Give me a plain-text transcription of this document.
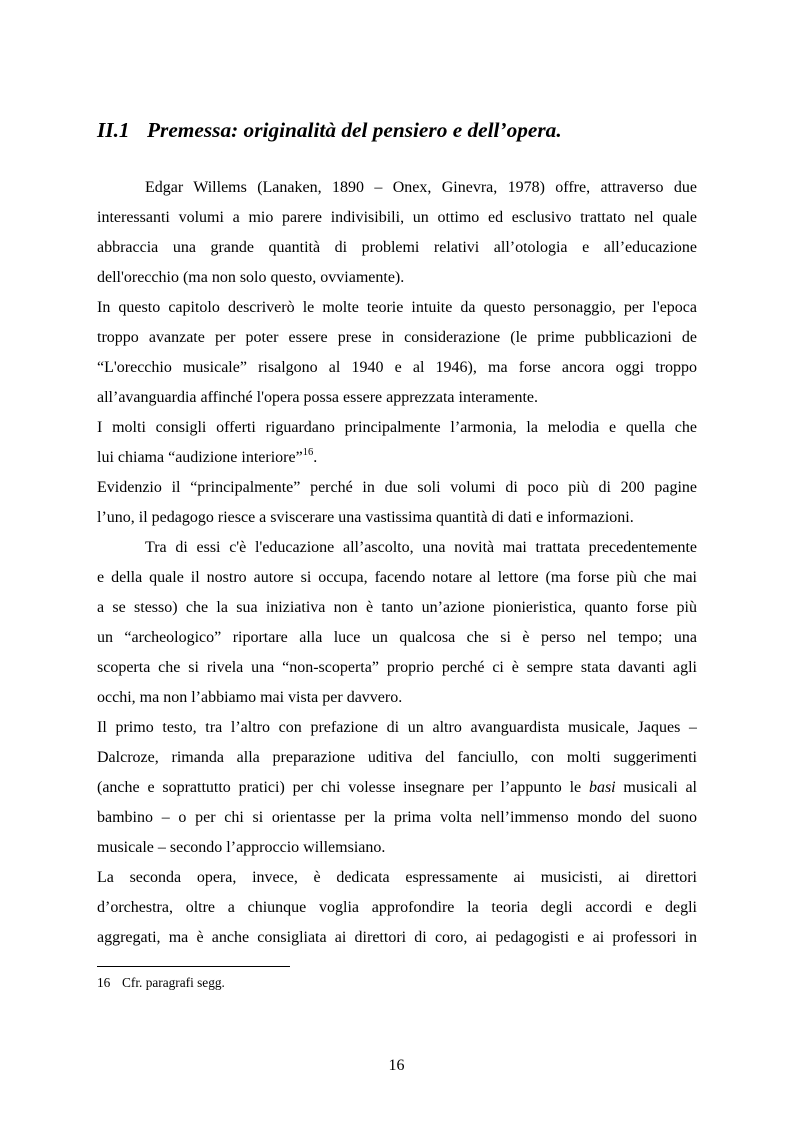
II.1 Premessa: originalità del pensiero e dell’opera.
Edgar Willems (Lanaken, 1890 – Onex, Ginevra, 1978) offre, attraverso due
interessanti volumi a mio parere indivisibili, un ottimo ed esclusivo trattato nel quale
abbraccia una grande quantità di problemi relativi all’otologia e all’educazione
dell'orecchio (ma non solo questo, ovviamente).
In questo capitolo descriverò le molte teorie intuite da questo personaggio, per l'epoca
troppo avanzate per poter essere prese in considerazione (le prime pubblicazioni de
“L'orecchio musicale” risalgono al 1940 e al 1946), ma forse ancora oggi troppo
all’avanguardia affinché l'opera possa essere apprezzata interamente.
I molti consigli offerti riguardano principalmente l’armonia, la melodia e quella che
lui chiama “audizione interiore”$^{16}$.
Evidenzio il “principalmente” perché in due soli volumi di poco più di 200 pagine
l’uno, il pedagogo riesce a sviscerare una vastissima quantità di dati e informazioni.
Tra di essi c'è l'educazione all’ascolto, una novità mai trattata precedentemente
e della quale il nostro autore si occupa, facendo notare al lettore (ma forse più che mai
a se stesso) che la sua iniziativa non è tanto un’azione pionieristica, quanto forse più
un “archeologico” riportare alla luce un qualcosa che si è perso nel tempo; una
scoperta che si rivela una “non-scoperta” proprio perché ci è sempre stata davanti agli
occhi, ma non l’abbiamo mai vista per davvero.
Il primo testo, tra l’altro con prefazione di un altro avanguardista musicale, Jaques –
Dalcroze, rimanda alla preparazione uditiva del fanciullo, con molti suggerimenti
(anche e soprattutto pratici) per chi volesse insegnare per l’appunto le basi musicali al
bambino – o per chi si orientasse per la prima volta nell’immenso mondo del suono
musicale – secondo l’approccio willemsiano.
La seconda opera, invece, è dedicata espressamente ai musicisti, ai direttori
d’orchestra, oltre a chiunque voglia approfondire la teoria degli accordi e degli
aggregati, ma è anche consigliata ai direttori di coro, ai pedagogisti e ai professori in
16 Cfr. paragrafi segg.
16
